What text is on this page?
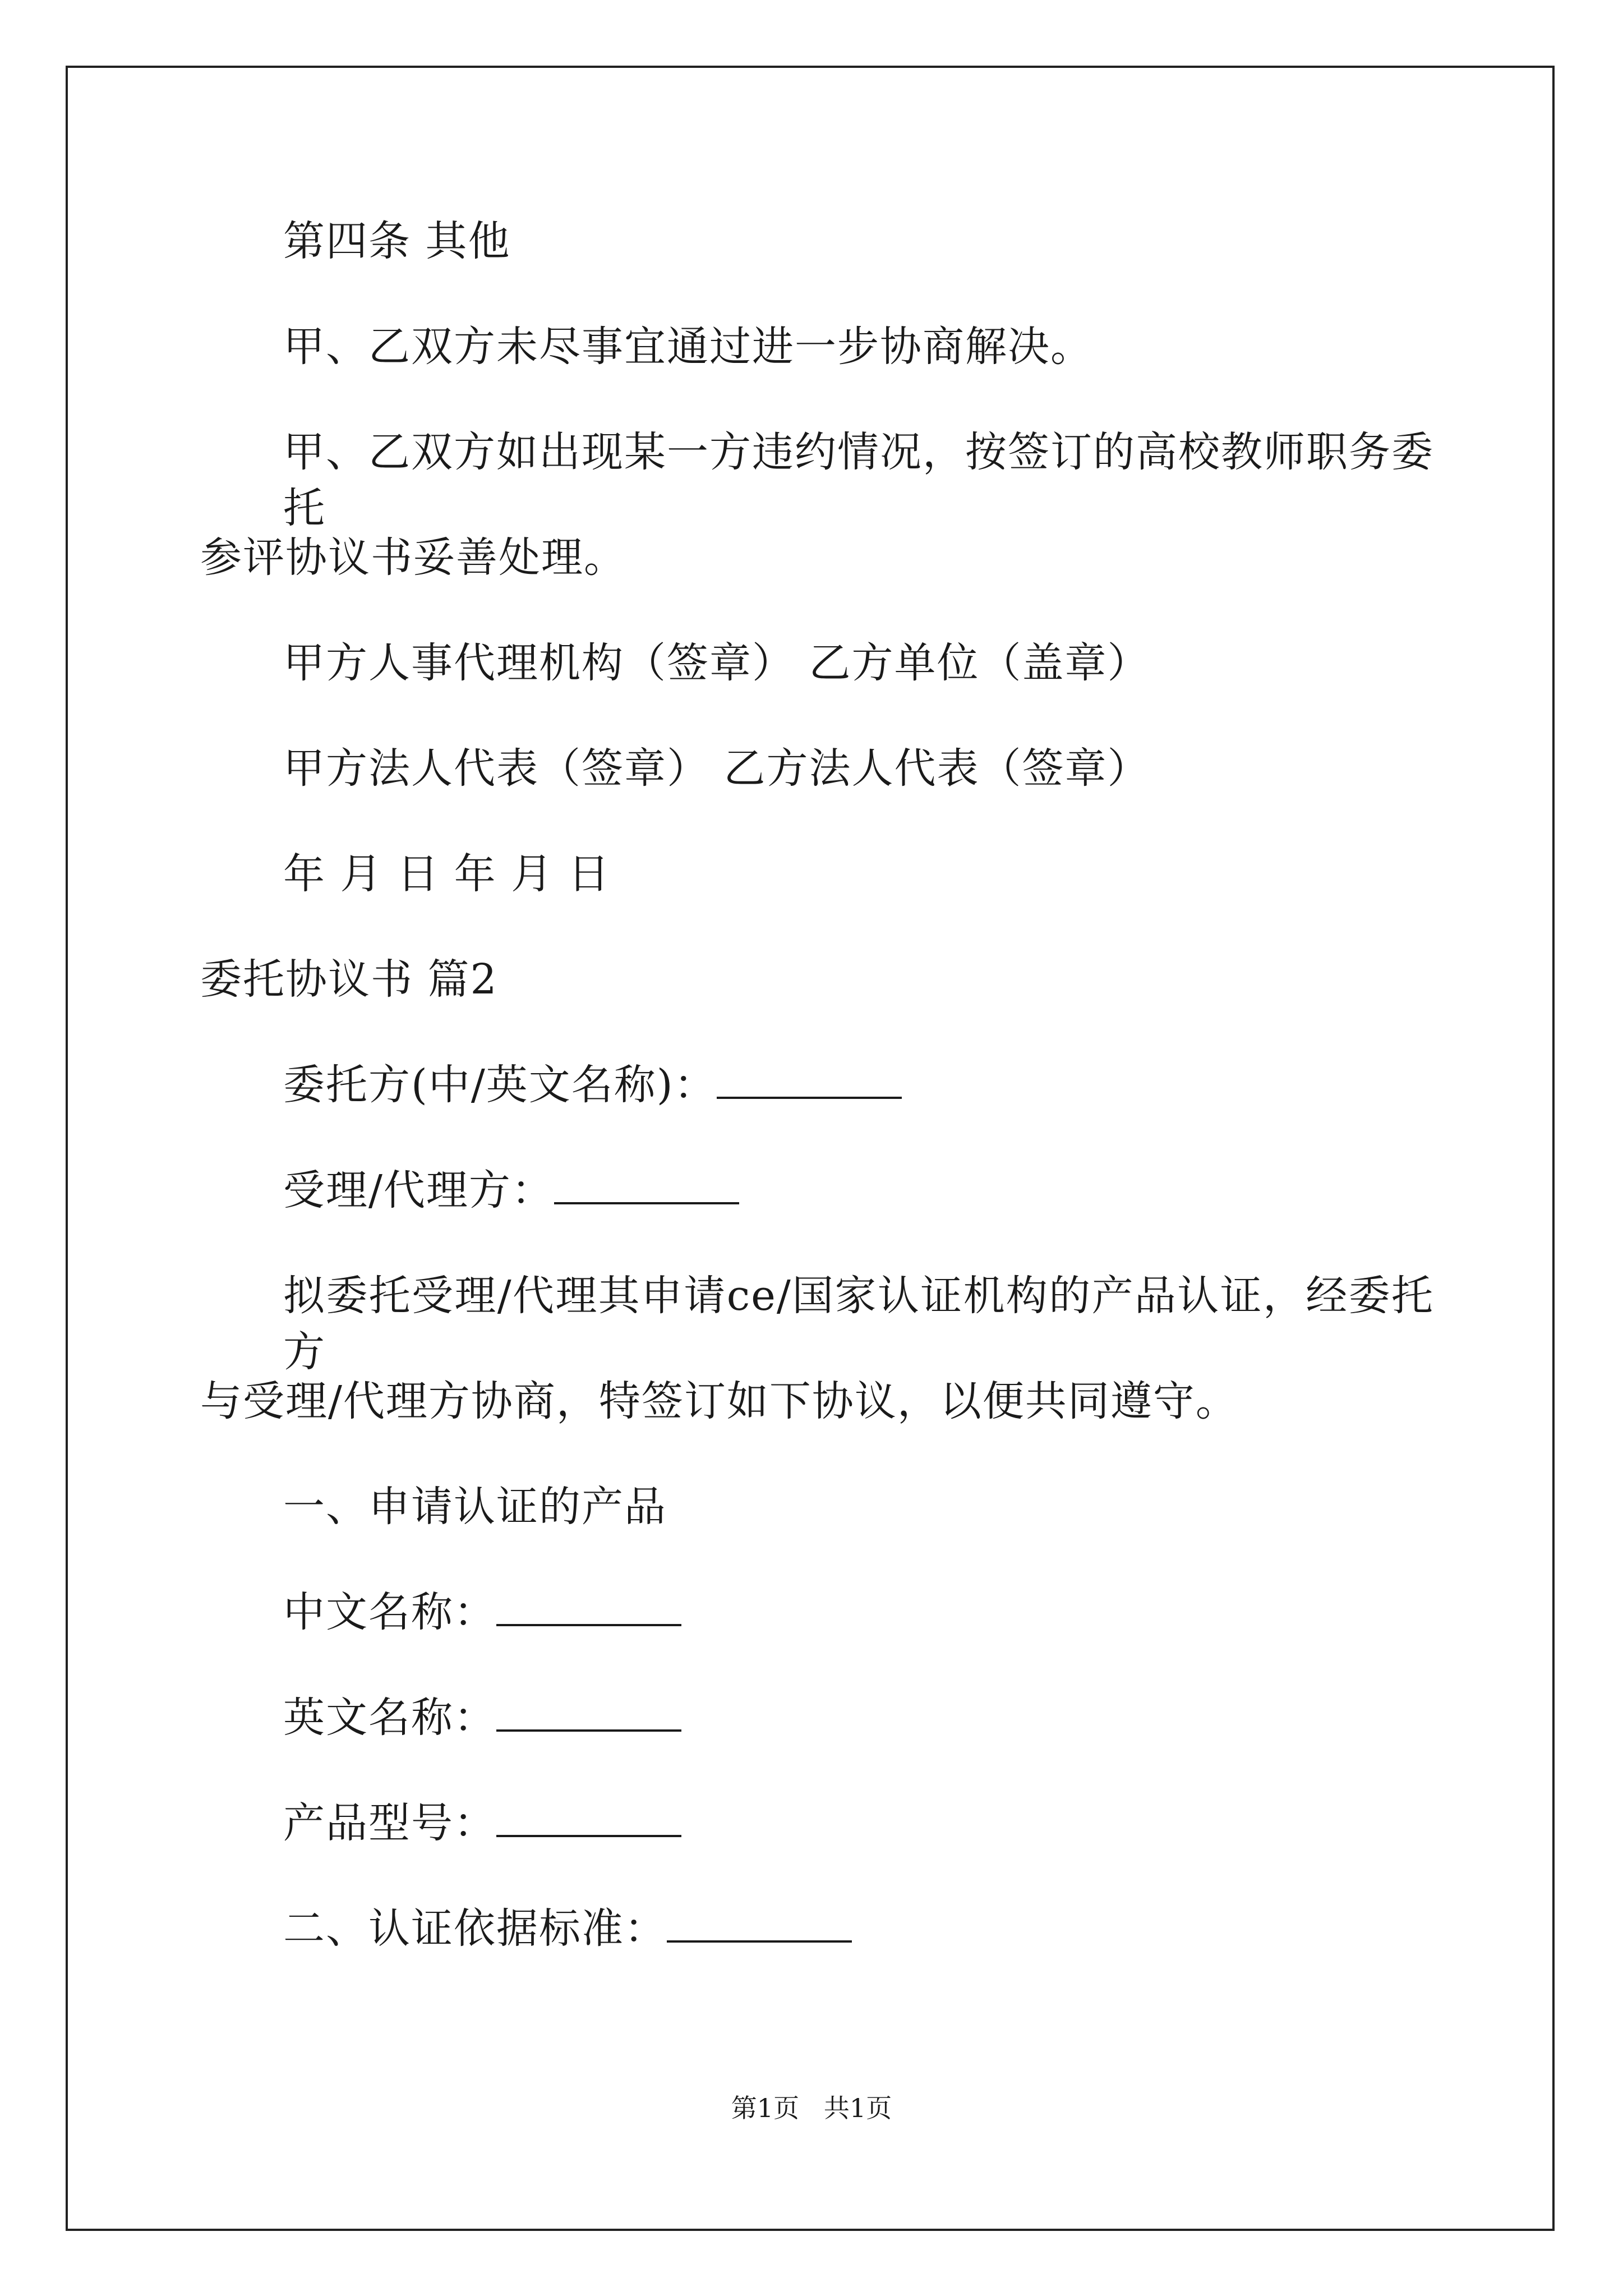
第四条 其他
甲、乙双方未尽事宜通过进一步协商解决。
甲、乙双方如出现某一方违约情况，按签订的高校教师职务委托
参评协议书妥善处理。
甲方人事代理机构（签章） 乙方单位（盖章）
甲方法人代表（签章） 乙方法人代表（签章）
年 月 日 年 月 日
委托协议书 篇2
委托方(中/英文名称)：
受理/代理方：
拟委托受理/代理其申请ce/国家认证机构的产品认证，经委托方
与受理/代理方协商，特签订如下协议，以便共同遵守。
一、申请认证的产品
中文名称：
英文名称：
产品型号：
二、认证依据标准：
第1页   共1页
